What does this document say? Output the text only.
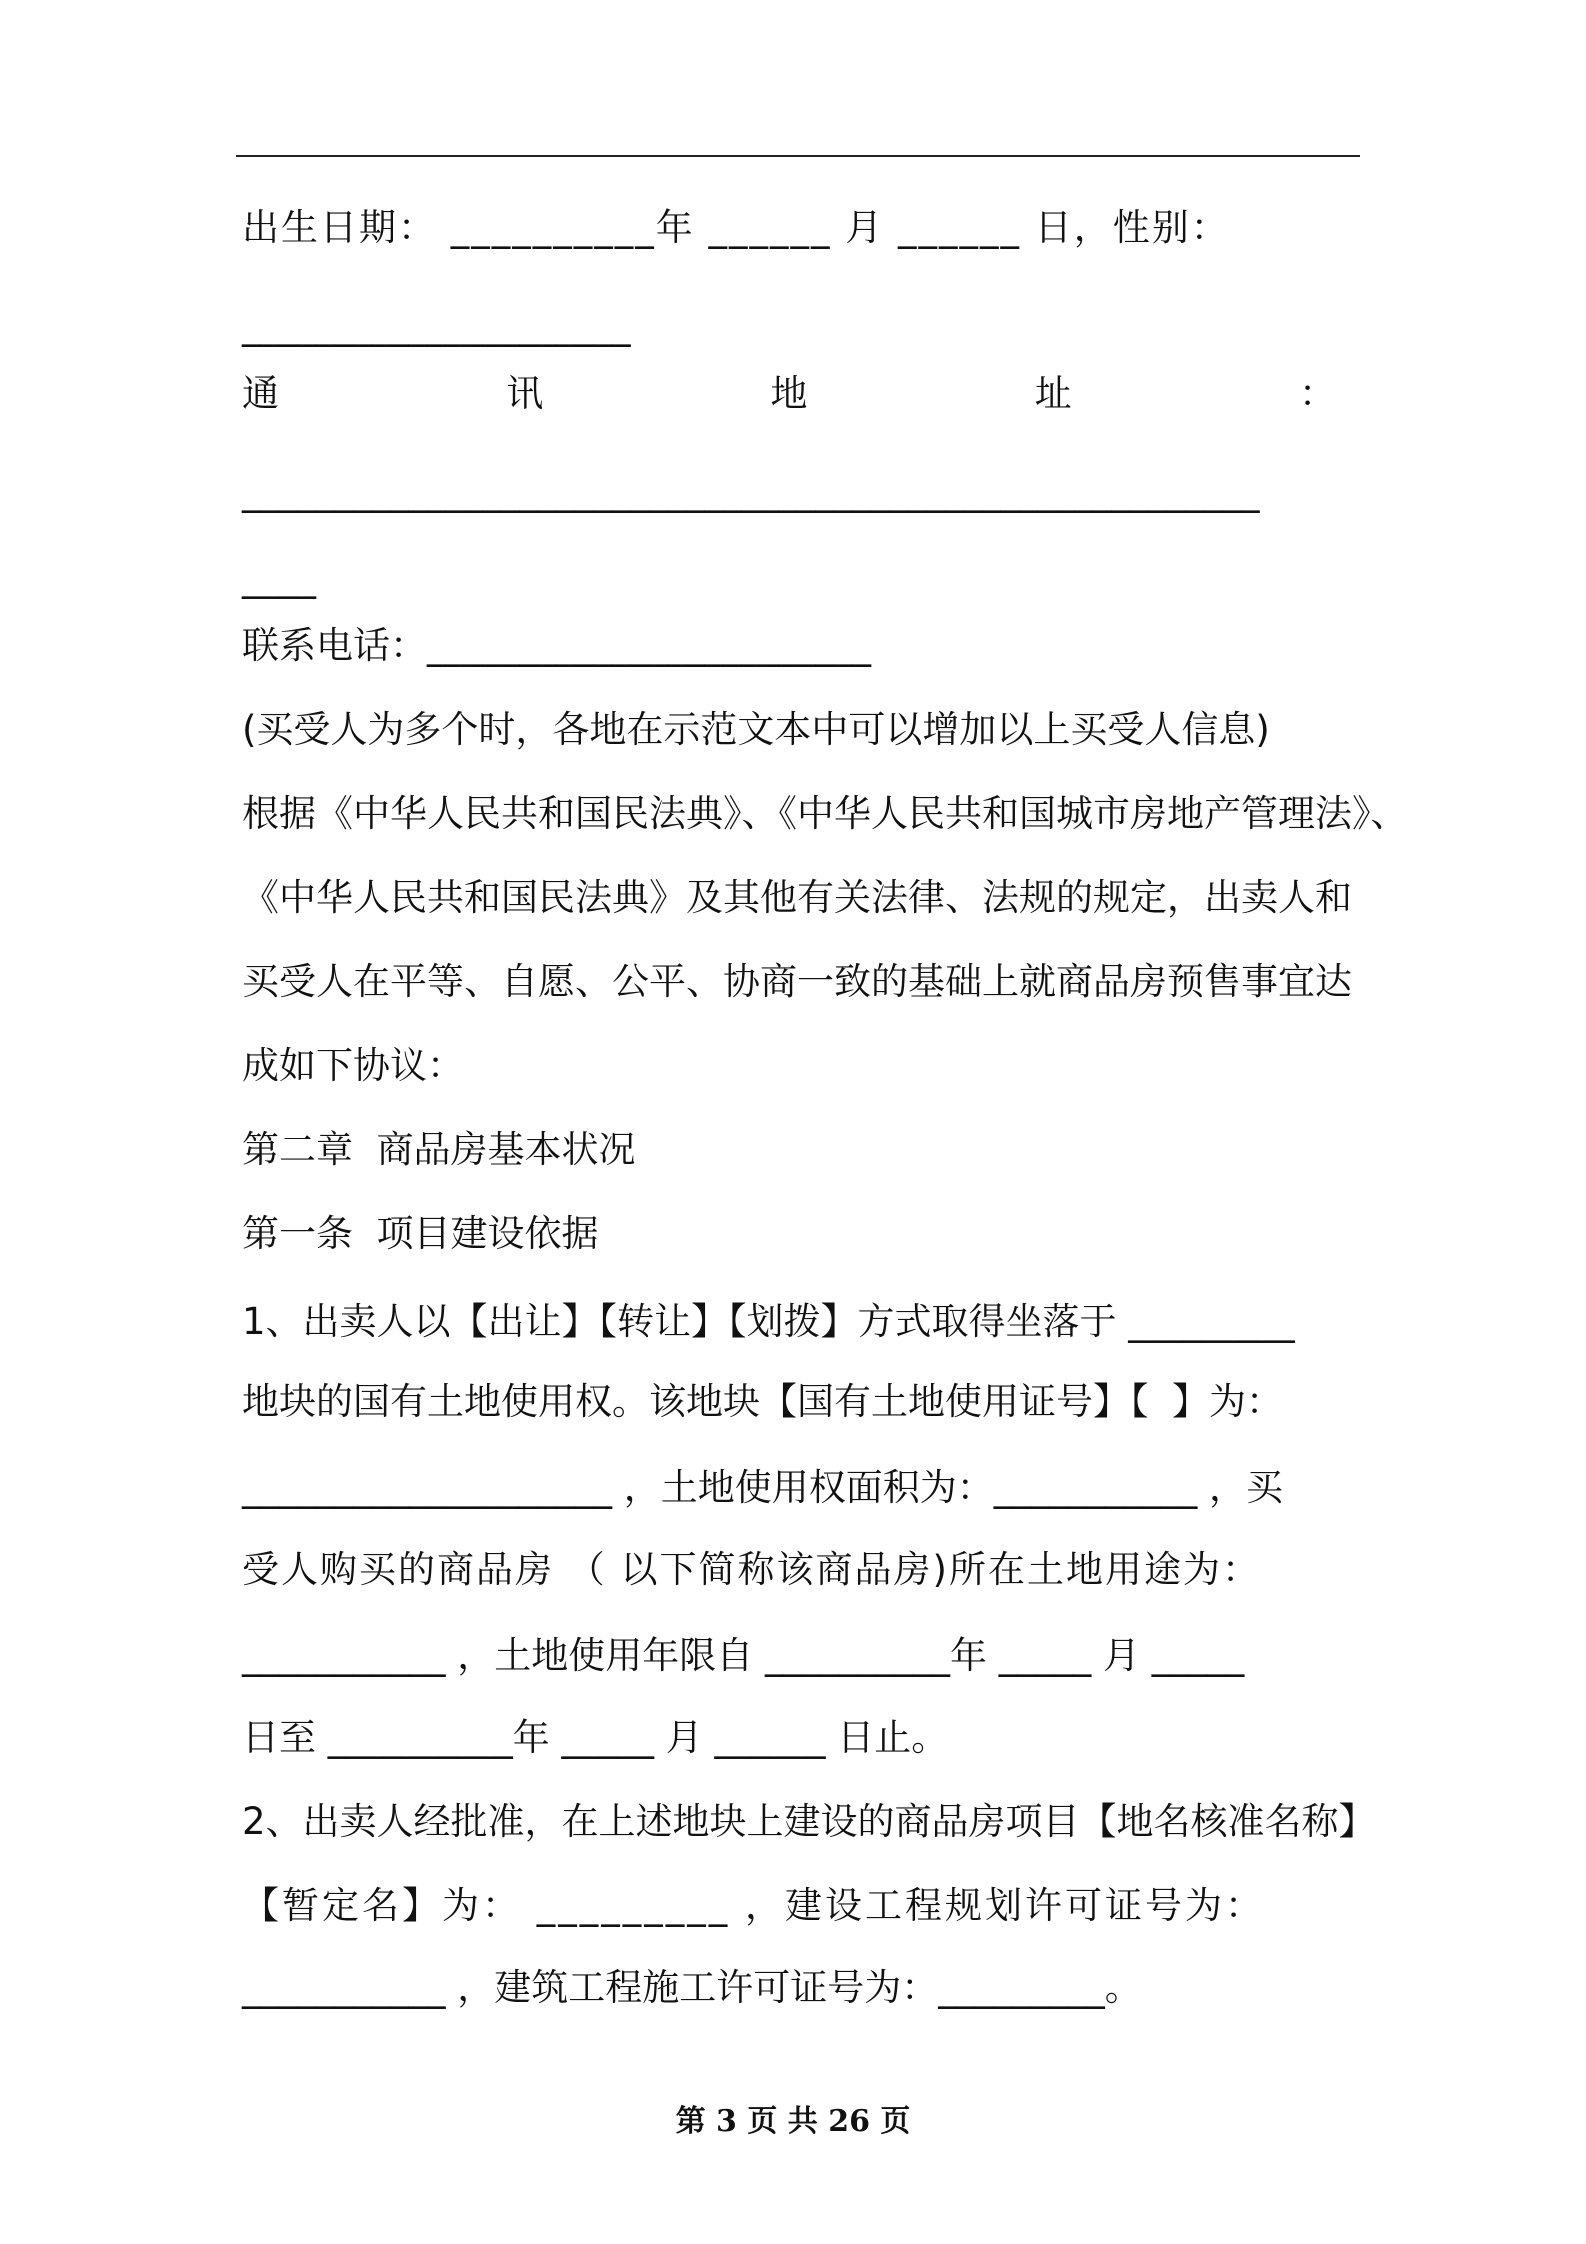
出生日期： __________年 ______ 月 ______ 日，性别：
_____________________
通	讯	地	址	：
_______________________________________________________
____
联系电话：________________________
(买受人为多个时，各地在示范文本中可以增加以上买受人信息)
根据《中华人民共和国民法典》、《中华人民共和国城市房地产管理法》、
《中华人民共和国民法典》及其他有关法律、法规的规定，出卖人和
买受人在平等、自愿、公平、协商一致的基础上就商品房预售事宜达
成如下协议：
第二章  商品房基本状况
第一条  项目建设依据
1、出卖人以【出让】【转让】【划拨】方式取得坐落于 _________
地块的国有土地使用权。该地块【国有土地使用证号】【  】为：
____________________ ，土地使用权面积为：___________ ，买
受人购买的商品房 （ 以下简称该商品房)所在土地用途为：
___________ ，土地使用年限自 __________年 _____ 月 _____
日至 __________年 _____ 月 ______ 日止。
2、出卖人经批准，在上述地块上建设的商品房项目【地名核准名称】
【暂定名】为： _________ ，建设工程规划许可证号为：
___________ ，建筑工程施工许可证号为：_________。
第 3 页 共 26 页
